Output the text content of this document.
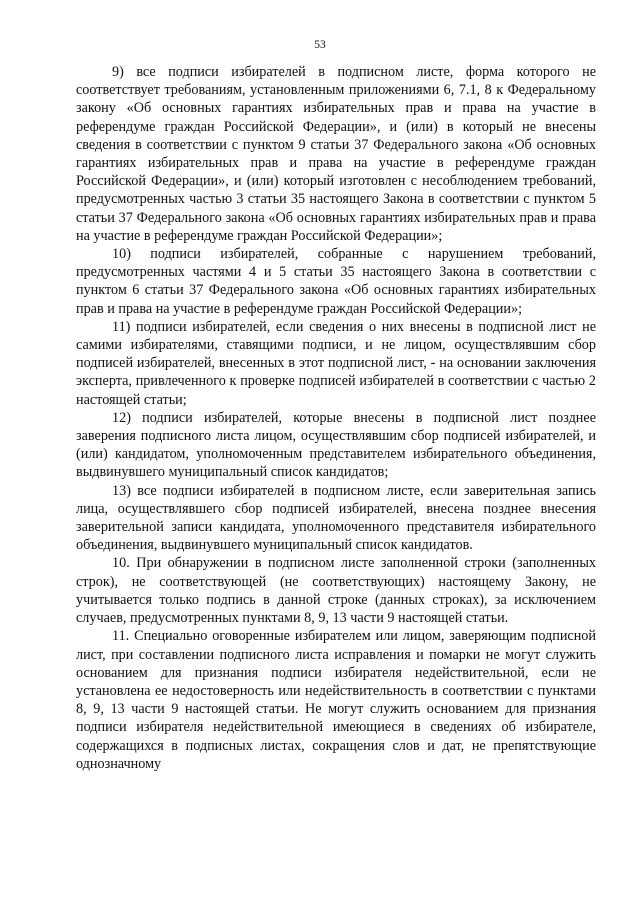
53

9) все подписи избирателей в подписном листе, форма которого не соответствует требованиям, установленным приложениями 6, 7.1, 8 к Федеральному закону «Об основных гарантиях избирательных прав и права на участие в референдуме граждан Российской Федерации», и (или) в который не внесены сведения в соответствии с пунктом 9 статьи 37 Федерального закона «Об основных гарантиях избирательных прав и права на участие в референдуме граждан Российской Федерации», и (или) который изготовлен с несоблюдением требований, предусмотренных частью 3 статьи 35 настоящего Закона в соответствии с пунктом 5 статьи 37 Федерального закона «Об основных гарантиях избирательных прав и права на участие в референдуме граждан Российской Федерации»;

10) подписи избирателей, собранные с нарушением требований, предусмотренных частями 4 и 5 статьи 35 настоящего Закона в соответствии с пунктом 6 статьи 37 Федерального закона «Об основных гарантиях избирательных прав и права на участие в референдуме граждан Российской Федерации»;

11) подписи избирателей, если сведения о них внесены в подписной лист не самими избирателями, ставящими подписи, и не лицом, осуществлявшим сбор подписей избирателей, внесенных в этот подписной лист, - на основании заключения эксперта, привлеченного к проверке подписей избирателей в соответствии с частью 2 настоящей статьи;

12) подписи избирателей, которые внесены в подписной лист позднее заверения подписного листа лицом, осуществлявшим сбор подписей избирателей, и (или) кандидатом, уполномоченным представителем избирательного объединения, выдвинувшего муниципальный список кандидатов;

13) все подписи избирателей в подписном листе, если заверительная запись лица, осуществлявшего сбор подписей избирателей, внесена позднее внесения заверительной записи кандидата, уполномоченного представителя избирательного объединения, выдвинувшего муниципальный список кандидатов.

10. При обнаружении в подписном листе заполненной строки (заполненных строк), не соответствующей (не соответствующих) настоящему Закону, не учитывается только подпись в данной строке (данных строках), за исключением случаев, предусмотренных пунктами 8, 9, 13 части 9 настоящей статьи.

11. Специально оговоренные избирателем или лицом, заверяющим подписной лист, при составлении подписного листа исправления и помарки не могут служить основанием для признания подписи избирателя недействительной, если не установлена ее недостоверность или недействительность в соответствии с пунктами 8, 9, 13 части 9 настоящей статьи. Не могут служить основанием для признания подписи избирателя недействительной имеющиеся в сведениях об избирателе, содержащихся в подписных листах, сокращения слов и дат, не препятствующие однозначному
